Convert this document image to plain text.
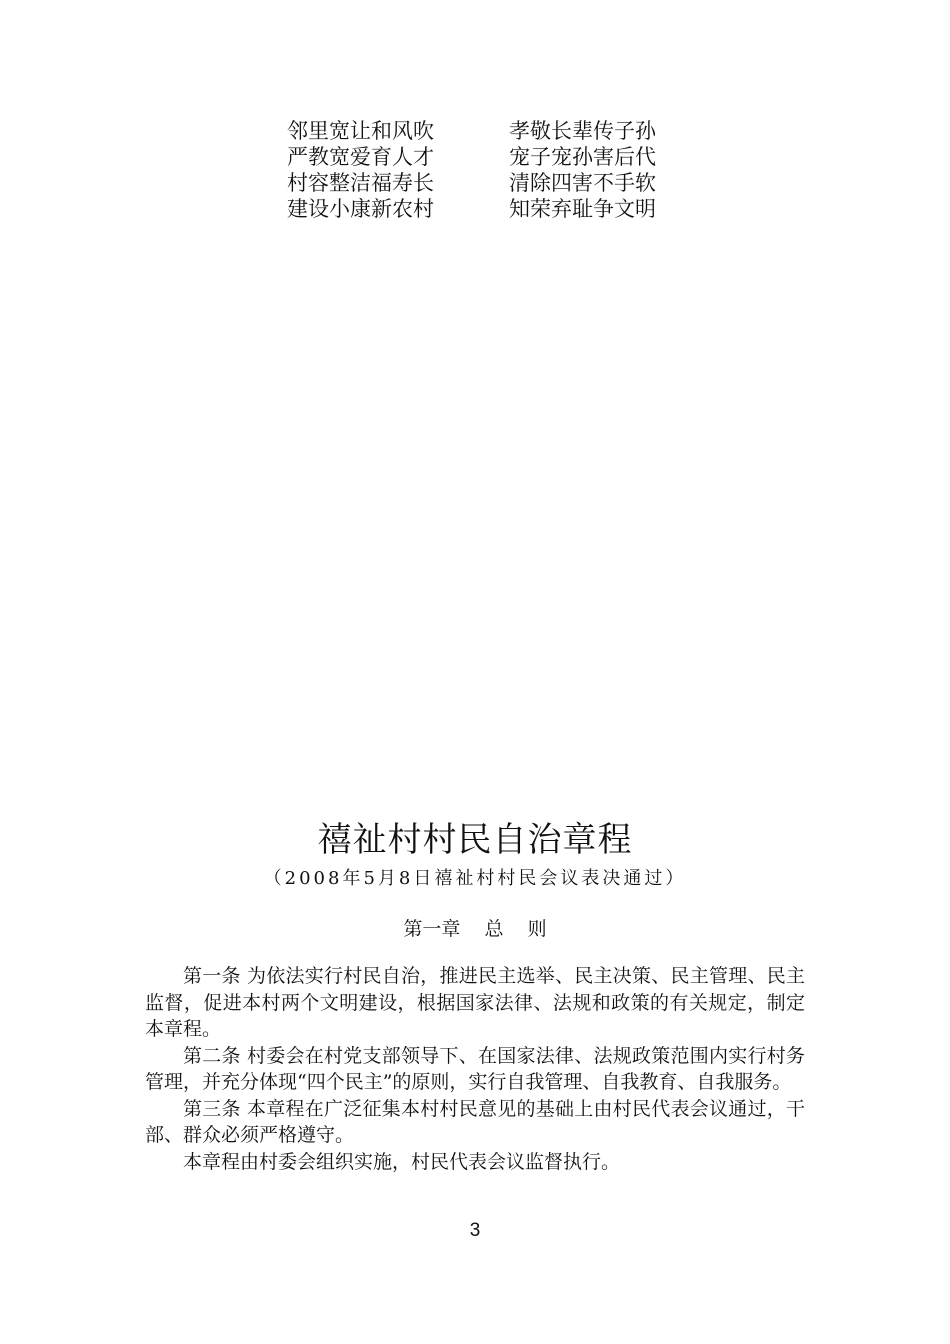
邻里宽让和风吹	孝敬长辈传子孙
严教宽爱育人才	宠子宠孙害后代
村容整洁福寿长	清除四害不手软
建设小康新农村	知荣弃耻争文明
禧祉村村民自治章程
（2008年5月8日禧祉村村民会议表决通过）
第一章    总    则

第一条 为依法实行村民自治，推进民主选举、民主决策、民主管理、民主监督，促进本村两个文明建设，根据国家法律、法规和政策的有关规定，制定本章程。

第二条 村委会在村党支部领导下、在国家法律、法规政策范围内实行村务管理，并充分体现“四个民主”的原则，实行自我管理、自我教育、自我服务。

第三条 本章程在广泛征集本村村民意见的基础上由村民代表会议通过，干部、群众必须严格遵守。

本章程由村委会组织实施，村民代表会议监督执行。

3
